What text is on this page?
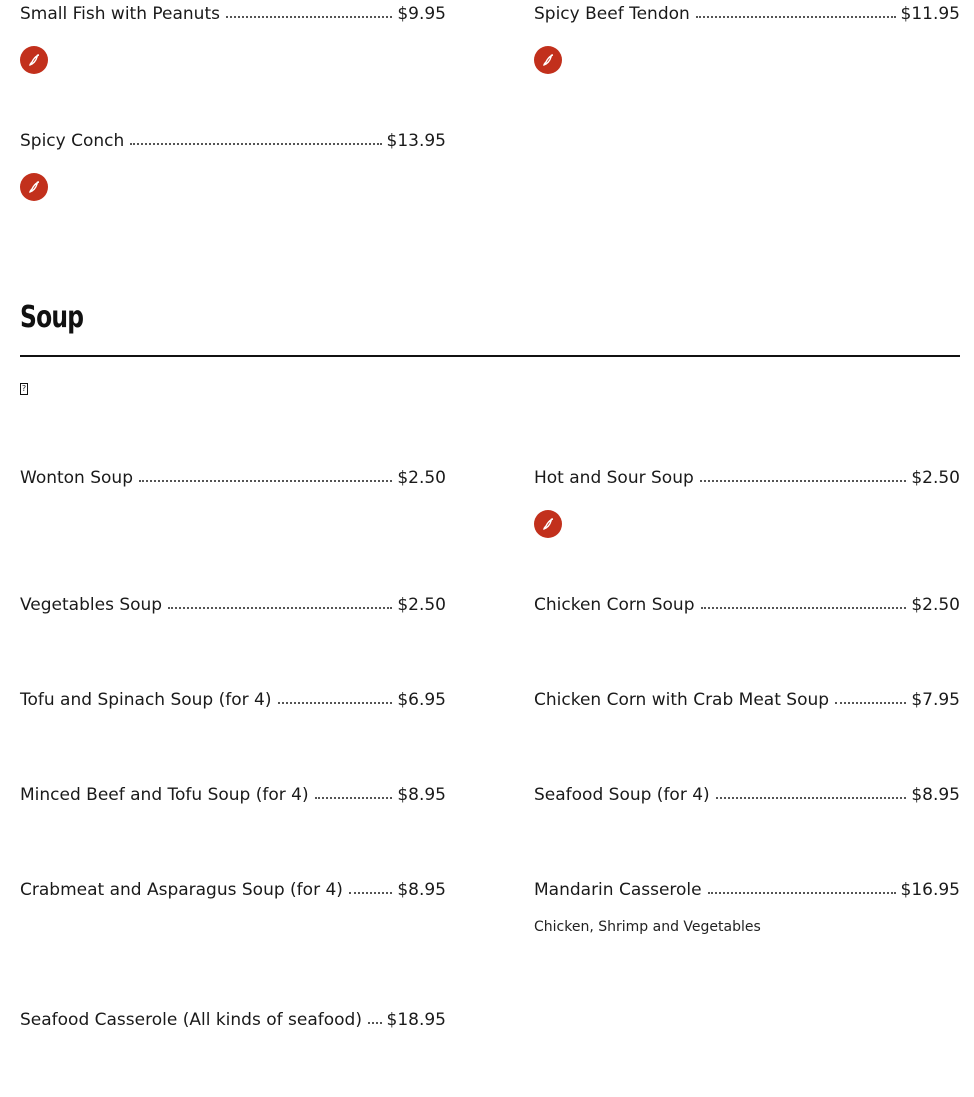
Small Fish with Peanuts	$9.95	Spicy Beef Tendon	$11.95
Spicy Conch	$13.95
Soup
?
Wonton Soup	$2.50	Hot and Sour Soup	$2.50
Vegetables Soup	$2.50	Chicken Corn Soup	$2.50
Tofu and Spinach Soup (for 4)	$6.95	Chicken Corn with Crab Meat Soup	$7.95
Minced Beef and Tofu Soup (for 4)	$8.95	Seafood Soup (for 4)	$8.95
Crabmeat and Asparagus Soup (for 4)	$8.95	Mandarin Casserole	$16.95
Chicken, Shrimp and Vegetables
Seafood Casserole (All kinds of seafood) $18.95
